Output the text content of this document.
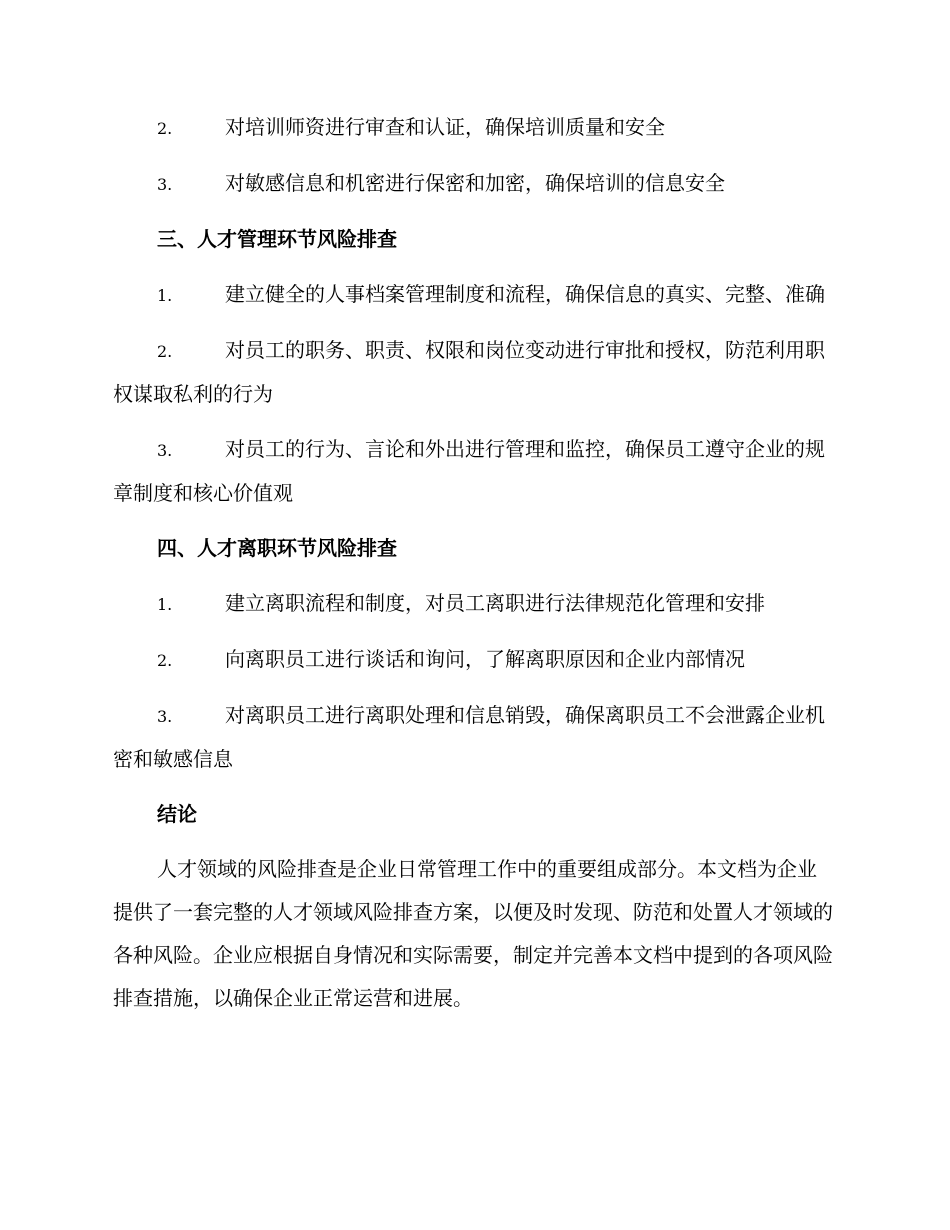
2.	对培训师资进行审查和认证，确保培训质量和安全

3.	对敏感信息和机密进行保密和加密，确保培训的信息安全

三、人才管理环节风险排查

1.	建立健全的人事档案管理制度和流程，确保信息的真实、完整、准确

2.	对员工的职务、职责、权限和岗位变动进行审批和授权，防范利用职权谋取私利的行为

3.	对员工的行为、言论和外出进行管理和监控，确保员工遵守企业的规章制度和核心价值观

四、人才离职环节风险排查

1.	建立离职流程和制度，对员工离职进行法律规范化管理和安排

2.	向离职员工进行谈话和询问，了解离职原因和企业内部情况

3.	对离职员工进行离职处理和信息销毁，确保离职员工不会泄露企业机密和敏感信息

结论

人才领域的风险排查是企业日常管理工作中的重要组成部分。本文档为企业提供了一套完整的人才领域风险排查方案，以便及时发现、防范和处置人才领域的各种风险。企业应根据自身情况和实际需要，制定并完善本文档中提到的各项风险排查措施，以确保企业正常运营和进展。
